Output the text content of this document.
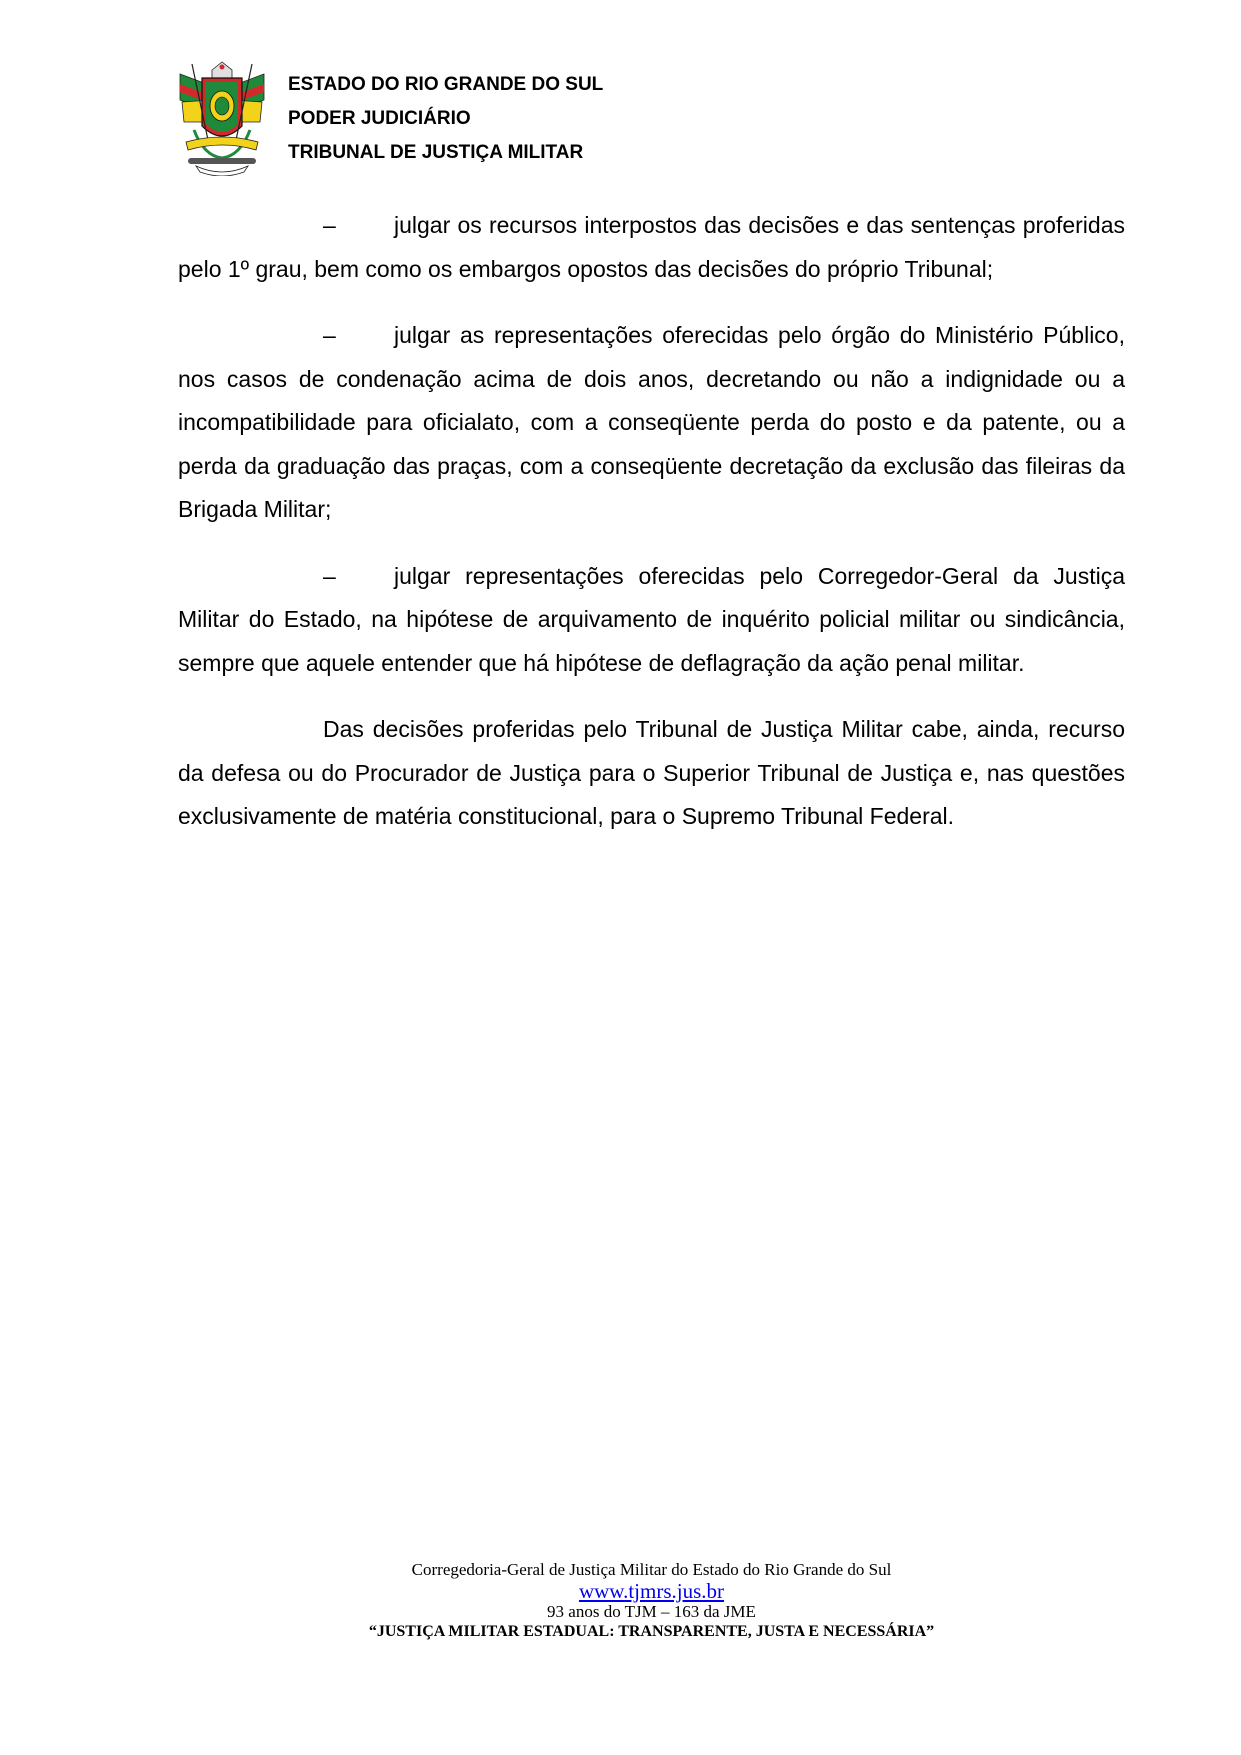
ESTADO DO RIO GRANDE DO SUL
PODER JUDICIÁRIO
TRIBUNAL DE JUSTIÇA MILITAR

–	julgar os recursos interpostos das decisões e das sentenças proferidas pelo 1º grau, bem como os embargos opostos das decisões do próprio Tribunal;

–	julgar as representações oferecidas pelo órgão do Ministério Público, nos casos de condenação acima de dois anos, decretando ou não a indignidade ou a incompatibilidade para oficialato, com a conseqüente perda do posto e da patente, ou a perda da graduação das praças, com a conseqüente decretação da exclusão das fileiras da Brigada Militar;

–	julgar representações oferecidas pelo Corregedor-Geral da Justiça Militar do Estado, na hipótese de arquivamento de inquérito policial militar ou sindicância, sempre que aquele entender que há hipótese de deflagração da ação penal militar.

Das decisões proferidas pelo Tribunal de Justiça Militar cabe, ainda, recurso da defesa ou do Procurador de Justiça para o Superior Tribunal de Justiça e, nas questões exclusivamente de matéria constitucional, para o Supremo Tribunal Federal.

Corregedoria-Geral de Justiça Militar do Estado do Rio Grande do Sul
www.tjmrs.jus.br
93 anos do TJM – 163 da JME
“JUSTIÇA MILITAR ESTADUAL: TRANSPARENTE, JUSTA E NECESSÁRIA”
